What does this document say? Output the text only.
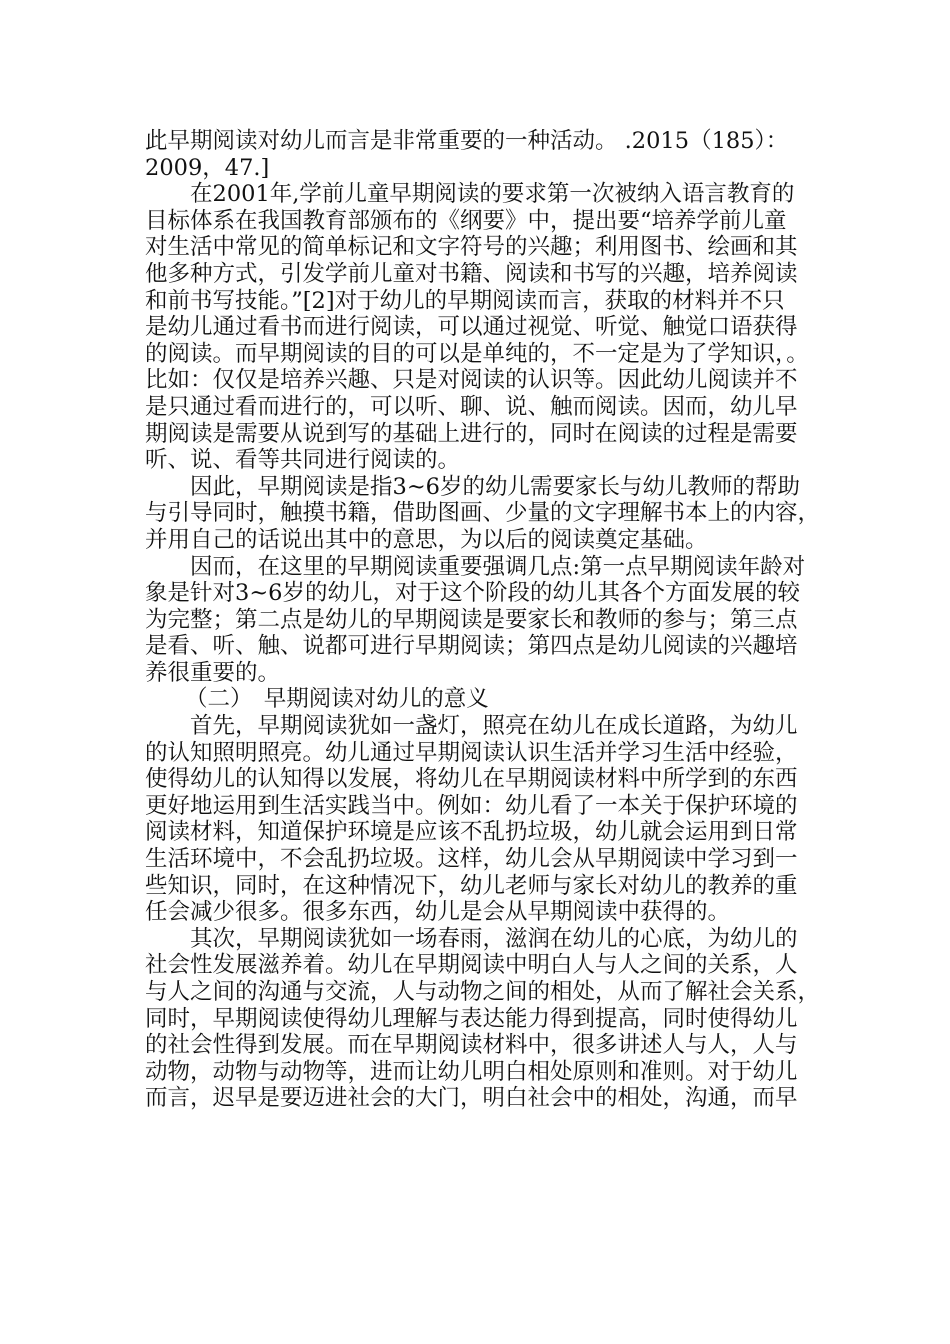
此早期阅读对幼儿而言是非常重要的一种活动。 .2015（185）：
2009，47.]
在2001年,学前儿童早期阅读的要求第一次被纳入语言教育的
目标体系在我国教育部颁布的《纲要》中，提出要“培养学前儿童
对生活中常见的简单标记和文字符号的兴趣；利用图书、绘画和其
他多种方式，引发学前儿童对书籍、阅读和书写的兴趣，培养阅读
和前书写技能。”[2]对于幼儿的早期阅读而言，获取的材料并不只
是幼儿通过看书而进行阅读，可以通过视觉、听觉、触觉口语获得
的阅读。而早期阅读的目的可以是单纯的，不一定是为了学知识，。
比如：仅仅是培养兴趣、只是对阅读的认识等。因此幼儿阅读并不
是只通过看而进行的，可以听、聊、说、触而阅读。因而，幼儿早
期阅读是需要从说到写的基础上进行的，同时在阅读的过程是需要
听、说、看等共同进行阅读的。
因此，早期阅读是指3~6岁的幼儿需要家长与幼儿教师的帮助
与引导同时，触摸书籍，借助图画、少量的文字理解书本上的内容，
并用自己的话说出其中的意思，为以后的阅读奠定基础。
因而，在这里的早期阅读重要强调几点:第一点早期阅读年龄对
象是针对3~6岁的幼儿，对于这个阶段的幼儿其各个方面发展的较
为完整；第二点是幼儿的早期阅读是要家长和教师的参与；第三点
是看、听、触、说都可进行早期阅读；第四点是幼儿阅读的兴趣培
养很重要的。
（二）　早期阅读对幼儿的意义
首先，早期阅读犹如一盏灯，照亮在幼儿在成长道路，为幼儿
的认知照明照亮。幼儿通过早期阅读认识生活并学习生活中经验，
使得幼儿的认知得以发展，将幼儿在早期阅读材料中所学到的东西
更好地运用到生活实践当中。例如：幼儿看了一本关于保护环境的
阅读材料，知道保护环境是应该不乱扔垃圾，幼儿就会运用到日常
生活环境中，不会乱扔垃圾。这样，幼儿会从早期阅读中学习到一
些知识，同时，在这种情况下，幼儿老师与家长对幼儿的教养的重
任会减少很多。很多东西，幼儿是会从早期阅读中获得的。
其次，早期阅读犹如一场春雨，滋润在幼儿的心底，为幼儿的
社会性发展滋养着。幼儿在早期阅读中明白人与人之间的关系，人
与人之间的沟通与交流，人与动物之间的相处，从而了解社会关系，
同时，早期阅读使得幼儿理解与表达能力得到提高，同时使得幼儿
的社会性得到发展。而在早期阅读材料中，很多讲述人与人，人与
动物，动物与动物等，进而让幼儿明白相处原则和准则。对于幼儿
而言，迟早是要迈进社会的大门，明白社会中的相处，沟通，而早
